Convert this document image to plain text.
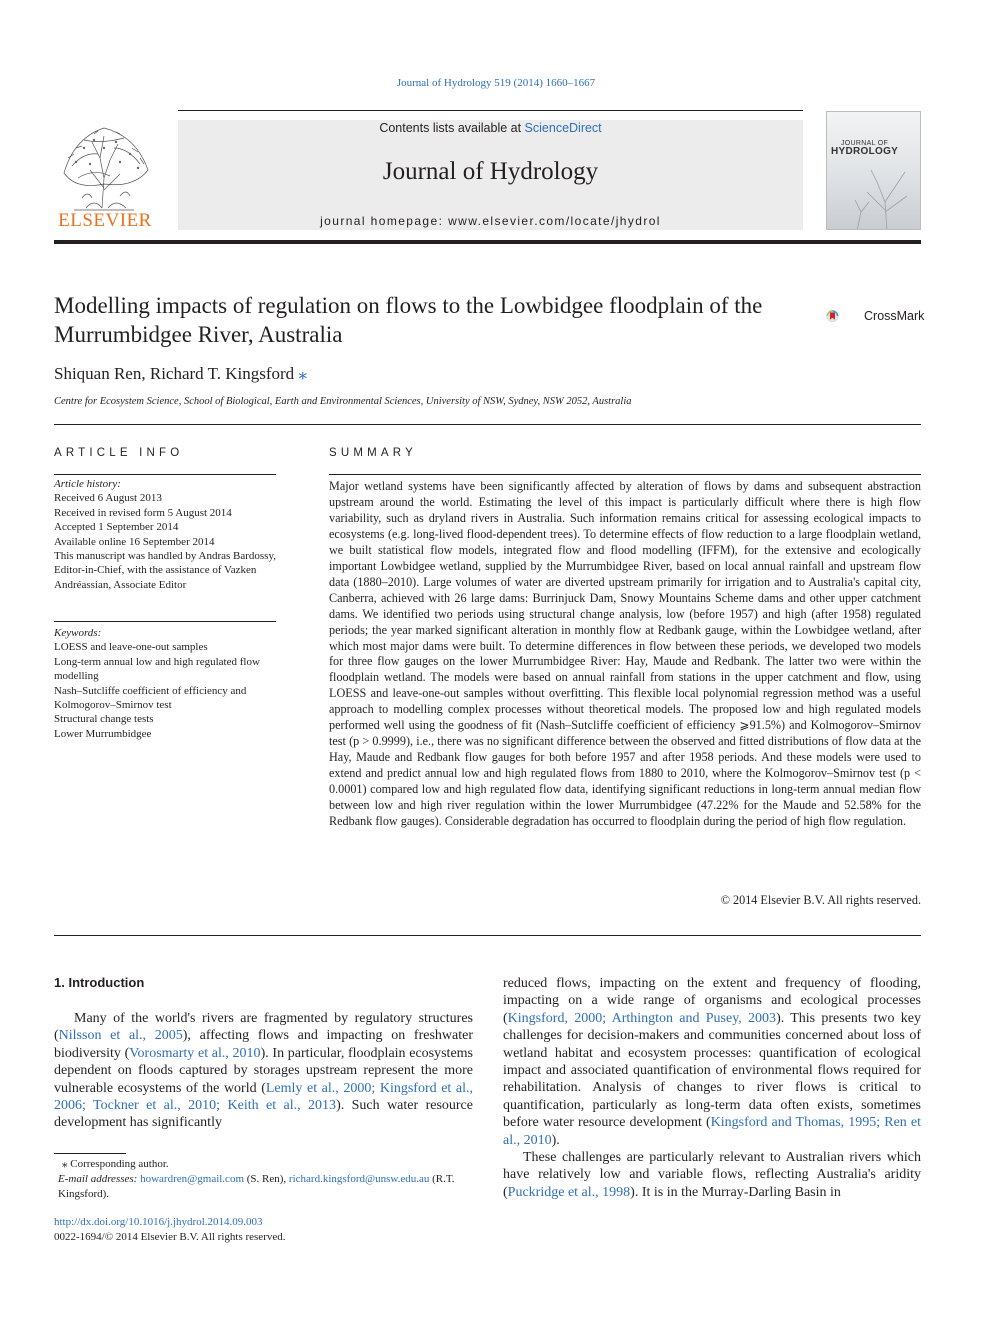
Journal of Hydrology 519 (2014) 1660–1667
ELSEVIER
Contents lists available at ScienceDirect
Journal of Hydrology
journal homepage: www.elsevier.com/locate/jhydrol
JOURNAL OF
HYDROLOGY
Modelling impacts of regulation on flows to the Lowbidgee floodplain of the Murrumbidgee River, Australia
CrossMark
Shiquan Ren, Richard T. Kingsford ⁎
Centre for Ecosystem Science, School of Biological, Earth and Environmental Sciences, University of NSW, Sydney, NSW 2052, Australia
ARTICLE INFO
Article history:
Received 6 August 2013
Received in revised form 5 August 2014
Accepted 1 September 2014
Available online 16 September 2014
This manuscript was handled by Andras Bardossy, Editor-in-Chief, with the assistance of Vazken Andréassian, Associate Editor
Keywords:
LOESS and leave-one-out samples
Long-term annual low and high regulated flow modelling
Nash–Sutcliffe coefficient of efficiency and Kolmogorov–Smirnov test
Structural change tests
Lower Murrumbidgee
SUMMARY
Major wetland systems have been significantly affected by alteration of flows by dams and subsequent abstraction upstream around the world. Estimating the level of this impact is particularly difficult where there is high flow variability, such as dryland rivers in Australia. Such information remains critical for assessing ecological impacts to ecosystems (e.g. long-lived flood-dependent trees). To determine effects of flow reduction to a large floodplain wetland, we built statistical flow models, integrated flow and flood modelling (IFFM), for the extensive and ecologically important Lowbidgee wetland, supplied by the Murrumbidgee River, based on local annual rainfall and upstream flow data (1880–2010). Large volumes of water are diverted upstream primarily for irrigation and to Australia's capital city, Canberra, achieved with 26 large dams: Burrinjuck Dam, Snowy Mountains Scheme dams and other upper catchment dams. We identified two periods using structural change analysis, low (before 1957) and high (after 1958) regulated periods; the year marked significant alteration in monthly flow at Redbank gauge, within the Lowbidgee wetland, after which most major dams were built. To determine differences in flow between these periods, we developed two models for three flow gauges on the lower Murrumbidgee River: Hay, Maude and Redbank. The latter two were within the floodplain wetland. The models were based on annual rainfall from stations in the upper catchment and flow, using LOESS and leave-one-out samples without overfitting. This flexible local polynomial regression method was a useful approach to modelling complex processes without theoretical models. The proposed low and high regulated models performed well using the goodness of fit (Nash–Sutcliffe coefficient of efficiency ⩾91.5%) and Kolmogorov–Smirnov test (p > 0.9999), i.e., there was no significant difference between the observed and fitted distributions of flow data at the Hay, Maude and Redbank flow gauges for both before 1957 and after 1958 periods. And these models were used to extend and predict annual low and high regulated flows from 1880 to 2010, where the Kolmogorov–Smirnov test (p < 0.0001) compared low and high regulated flow data, identifying significant reductions in long-term annual median flow between low and high river regulation within the lower Murrumbidgee (47.22% for the Maude and 52.58% for the Redbank flow gauges). Considerable degradation has occurred to floodplain during the period of high flow regulation.
© 2014 Elsevier B.V. All rights reserved.
1. Introduction

Many of the world's rivers are fragmented by regulatory structures (Nilsson et al., 2005), affecting flows and impacting on freshwater biodiversity (Vorosmarty et al., 2010). In particular, floodplain ecosystems dependent on floods captured by storages upstream represent the more vulnerable ecosystems of the world (Lemly et al., 2000; Kingsford et al., 2006; Tockner et al., 2010; Keith et al., 2013). Such water resource development has significantly

reduced flows, impacting on the extent and frequency of flooding, impacting on a wide range of organisms and ecological processes (Kingsford, 2000; Arthington and Pusey, 2003). This presents two key challenges for decision-makers and communities concerned about loss of wetland habitat and ecosystem processes: quantification of ecological impact and associated quantification of environmental flows required for rehabilitation. Analysis of changes to river flows is critical to quantification, particularly as long-term data often exists, sometimes before water resource development (Kingsford and Thomas, 1995; Ren et al., 2010).

These challenges are particularly relevant to Australian rivers which have relatively low and variable flows, reflecting Australia's aridity (Puckridge et al., 1998). It is in the Murray-Darling Basin in

⁎ Corresponding author.
E-mail addresses: howardren@gmail.com (S. Ren), richard.kingsford@unsw.edu.au (R.T. Kingsford).
http://dx.doi.org/10.1016/j.jhydrol.2014.09.003
0022-1694/© 2014 Elsevier B.V. All rights reserved.
